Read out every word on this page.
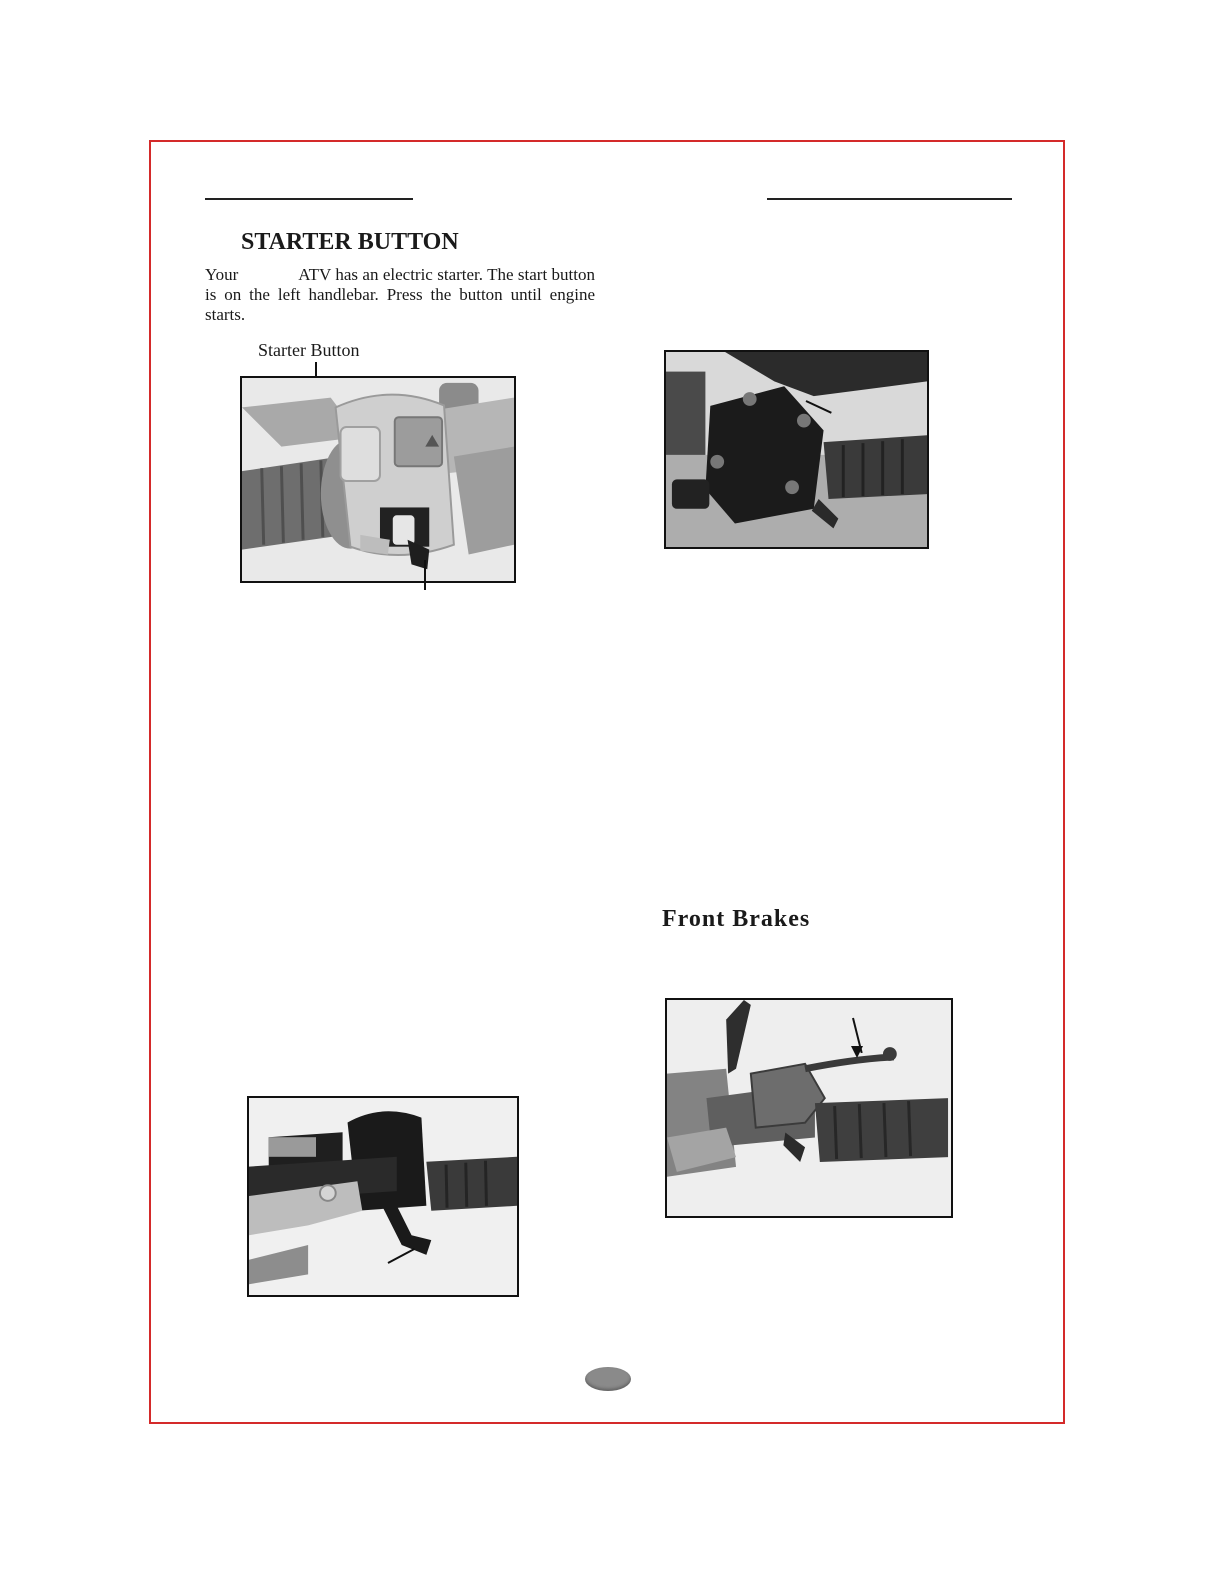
STARTER BUTTON

Your	ATV has an electric starter. The start button is on the left handlebar. Press the button until engine starts.

Starter Button
Front Brakes
